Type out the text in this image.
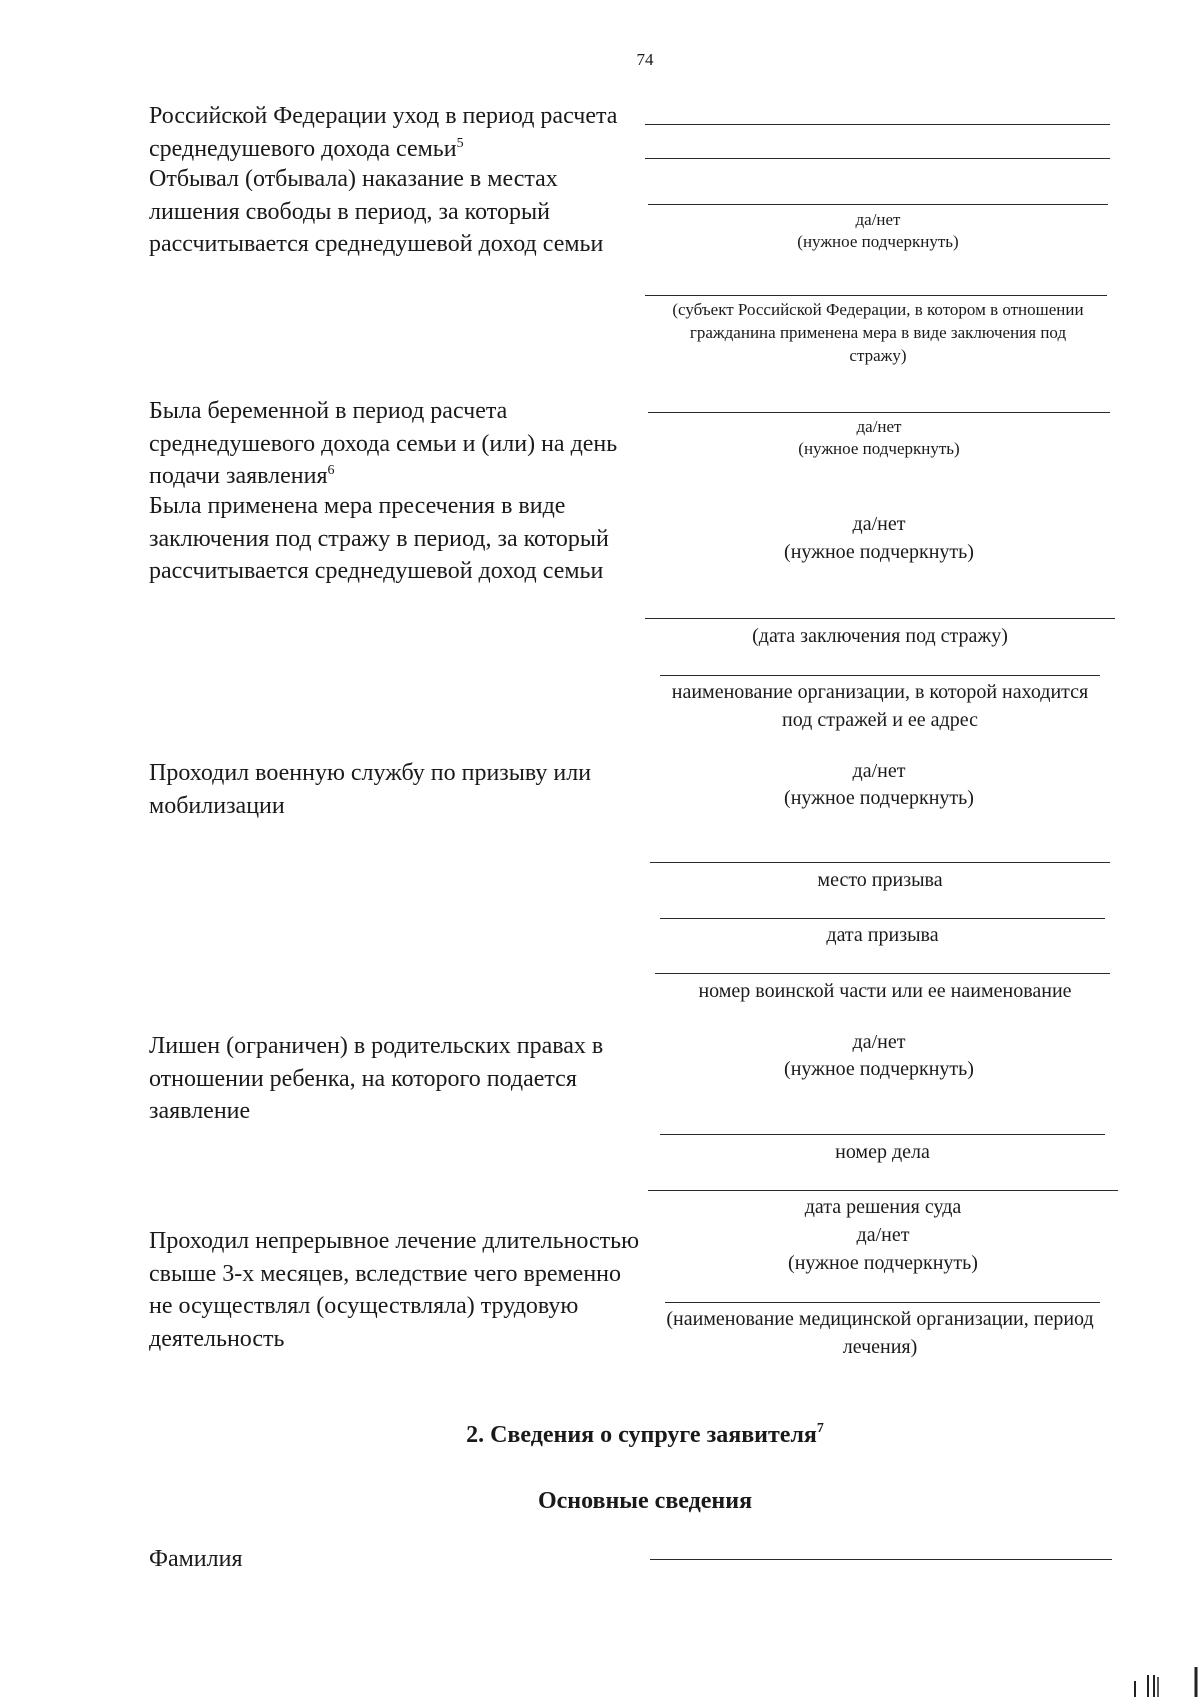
74
Российской Федерации уход в период расчета среднедушевого дохода семьи$^5$
Отбывал (отбывала) наказание в местах лишения свободы в период, за который рассчитывается среднедушевой доход семьи
Была беременной в период расчета среднедушевого дохода семьи и (или) на день подачи заявления$^6$
Была применена мера пресечения в виде заключения под стражу в период, за который рассчитывается среднедушевой доход семьи
Проходил военную службу по призыву или мобилизации
Лишен (ограничен) в родительских правах в отношении ребенка, на которого подается заявление
Проходил непрерывное лечение длительностью свыше 3-х месяцев, вследствие чего временно не осуществлял (осуществляла) трудовую деятельность
да/нет
(нужное подчеркнуть)
(субъект Российской Федерации, в котором в отношении гражданина применена мера в виде заключения под стражу)
да/нет
(нужное подчеркнуть)
да/нет
(нужное подчеркнуть)
(дата заключения под стражу)
наименование организации, в которой находится под стражей и ее адрес
да/нет
(нужное подчеркнуть)
место призыва
дата призыва
номер воинской части или ее наименование
да/нет
(нужное подчеркнуть)
номер дела
дата решения суда
да/нет
(нужное подчеркнуть)
(наименование медицинской организации, период лечения)
2. Сведения о супруге заявителя$^7$
Основные сведения
Фамилия
